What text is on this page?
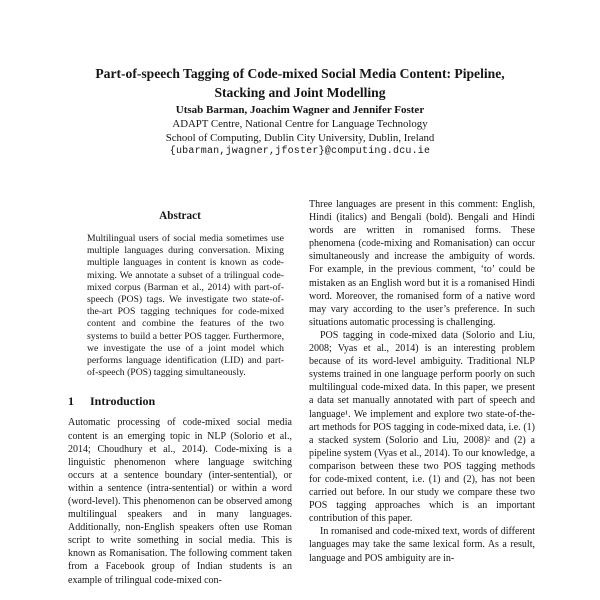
Part-of-speech Tagging of Code-mixed Social Media Content: Pipeline, Stacking and Joint Modelling
Utsab Barman, Joachim Wagner and Jennifer Foster
ADAPT Centre, National Centre for Language Technology
School of Computing, Dublin City University, Dublin, Ireland
{ubarman,jwagner,jfoster}@computing.dcu.ie
Abstract
Multilingual users of social media sometimes use multiple languages during conversation. Mixing multiple languages in content is known as code-mixing. We annotate a subset of a trilingual code-mixed corpus (Barman et al., 2014) with part-of-speech (POS) tags. We investigate two state-of-the-art POS tagging techniques for code-mixed content and combine the features of the two systems to build a better POS tagger. Furthermore, we investigate the use of a joint model which performs language identification (LID) and part-of-speech (POS) tagging simultaneously.
1 Introduction

Automatic processing of code-mixed social media content is an emerging topic in NLP (Solorio et al., 2014; Choudhury et al., 2014). Code-mixing is a linguistic phenomenon where language switching occurs at a sentence boundary (inter-sentential), or within a sentence (intra-sentential) or within a word (word-level). This phenomenon can be observed among multilingual speakers and in many languages. Additionally, non-English speakers often use Roman script to write something in social media. This is known as Romanisation. The following comment taken from a Facebook group of Indian students is an example of trilingual code-mixed con-

Three languages are present in this comment: English, Hindi (italics) and Bengali (bold). Bengali and Hindi words are written in romanised forms. These phenomena (code-mixing and Romanisation) can occur simultaneously and increase the ambiguity of words. For example, in the previous comment, ‘to’ could be mistaken as an English word but it is a romanised Hindi word. Moreover, the romanised form of a native word may vary according to the user’s preference. In such situations automatic processing is challenging.

POS tagging in code-mixed data (Solorio and Liu, 2008; Vyas et al., 2014) is an interesting problem because of its word-level ambiguity. Traditional NLP systems trained in one language perform poorly on such multilingual code-mixed data. In this paper, we present a data set manually annotated with part of speech and language¹. We implement and explore two state-of-the-art methods for POS tagging in code-mixed data, i.e. (1) a stacked system (Solorio and Liu, 2008)² and (2) a pipeline system (Vyas et al., 2014). To our knowledge, a comparison between these two POS tagging methods for code-mixed content, i.e. (1) and (2), has not been carried out before. In our study we compare these two POS tagging approaches which is an important contribution of this paper.

In romanised and code-mixed text, words of different languages may take the same lexical form. As a result, language and POS ambiguity are in-
